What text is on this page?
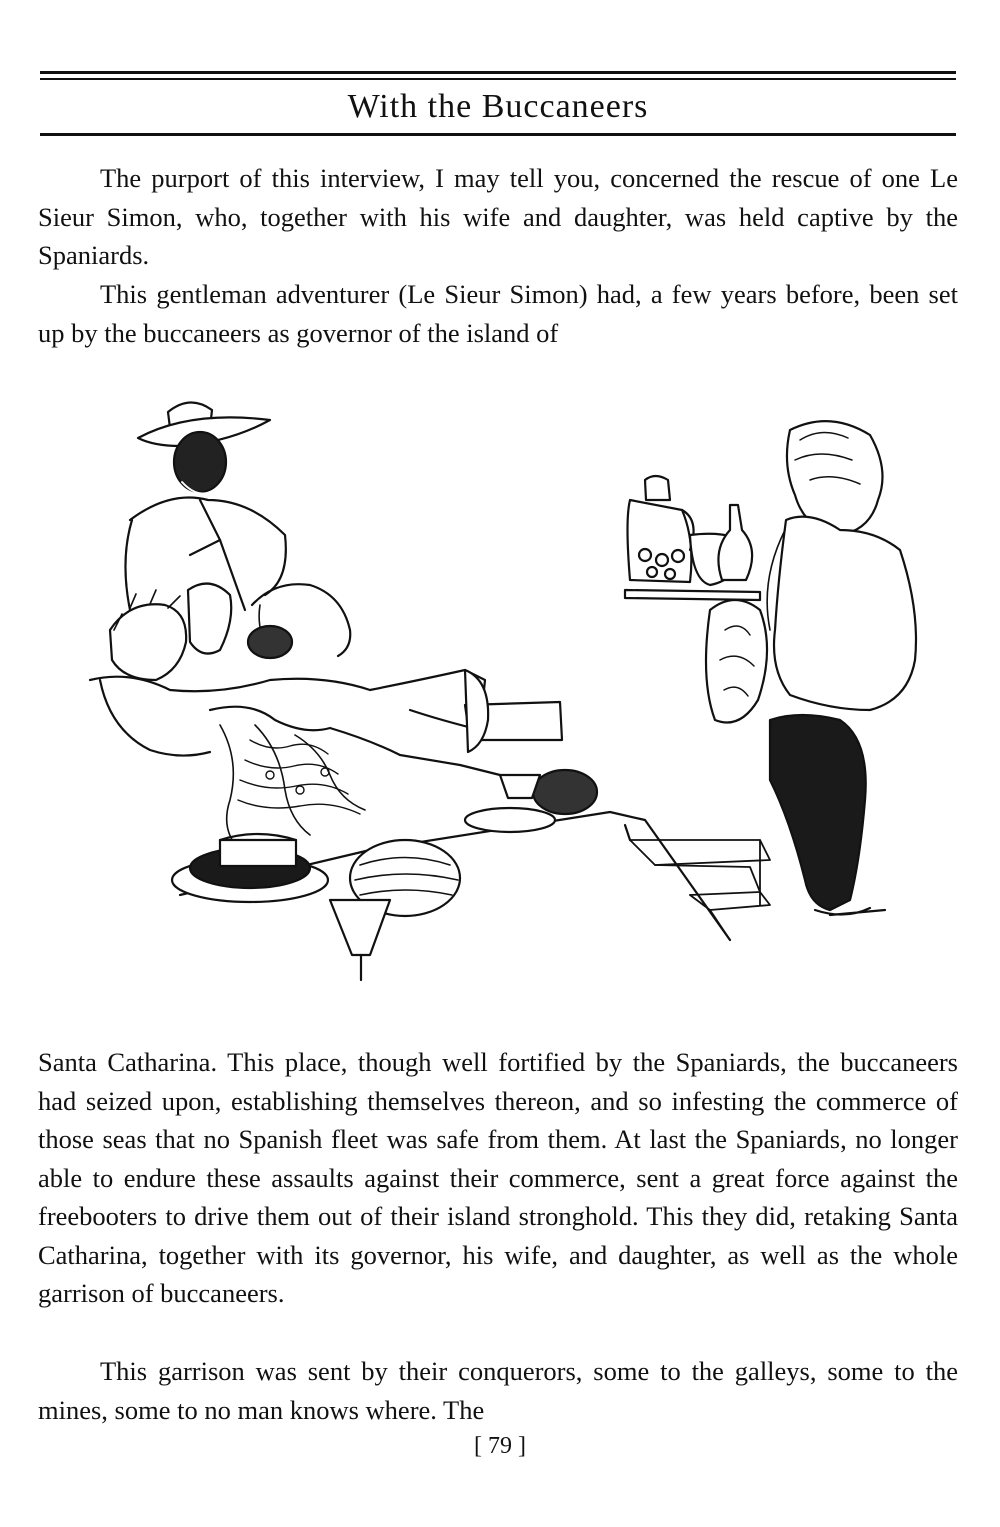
With the Buccaneers

The purport of this interview, I may tell you, concerned the rescue of one Le Sieur Simon, who, together with his wife and daughter, was held captive by the Spaniards.

This gentleman adventurer (Le Sieur Simon) had, a few years before, been set up by the buccaneers as governor of the island of

Santa Catharina. This place, though well fortified by the Spaniards, the buccaneers had seized upon, establishing themselves thereon, and so infesting the commerce of those seas that no Spanish fleet was safe from them. At last the Spaniards, no longer able to endure these assaults against their commerce, sent a great force against the freebooters to drive them out of their island stronghold. This they did, retaking Santa Catharina, together with its governor, his wife, and daughter, as well as the whole garrison of buccaneers.

This garrison was sent by their conquerors, some to the galleys, some to the mines, some to no man knows where. The

[ 79 ]
